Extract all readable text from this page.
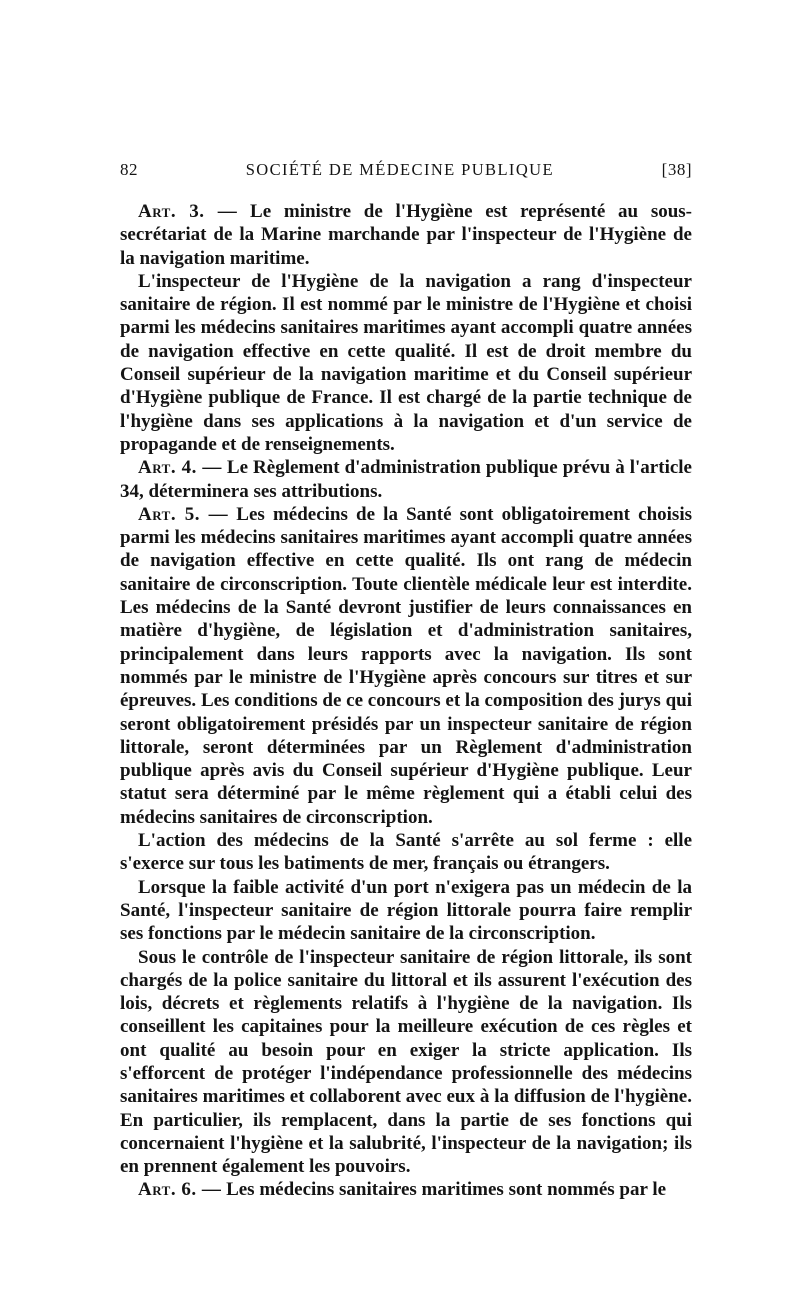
82	SOCIÉTÉ DE MÉDECINE PUBLIQUE	[38]

Art. 3. — Le ministre de l'Hygiène est représenté au sous-secrétariat de la Marine marchande par l'inspecteur de l'Hygiène de la navigation maritime.

L'inspecteur de l'Hygiène de la navigation a rang d'inspecteur sanitaire de région. Il est nommé par le ministre de l'Hygiène et choisi parmi les médecins sanitaires maritimes ayant accompli quatre années de navigation effective en cette qualité. Il est de droit membre du Conseil supérieur de la navigation maritime et du Conseil supérieur d'Hygiène publique de France. Il est chargé de la partie technique de l'hygiène dans ses applications à la navigation et d'un service de propagande et de renseignements.

Art. 4. — Le Règlement d'administration publique prévu à l'article 34, déterminera ses attributions.

Art. 5. — Les médecins de la Santé sont obligatoirement choisis parmi les médecins sanitaires maritimes ayant accompli quatre années de navigation effective en cette qualité. Ils ont rang de médecin sanitaire de circonscription. Toute clientèle médicale leur est interdite. Les médecins de la Santé devront justifier de leurs connaissances en matière d'hygiène, de législation et d'administration sanitaires, principalement dans leurs rapports avec la navigation. Ils sont nommés par le ministre de l'Hygiène après concours sur titres et sur épreuves. Les conditions de ce concours et la composition des jurys qui seront obligatoirement présidés par un inspecteur sanitaire de région littorale, seront déterminées par un Règlement d'administration publique après avis du Conseil supérieur d'Hygiène publique. Leur statut sera déterminé par le même règlement qui a établi celui des médecins sanitaires de circonscription.

L'action des médecins de la Santé s'arrête au sol ferme : elle s'exerce sur tous les batiments de mer, français ou étrangers.

Lorsque la faible activité d'un port n'exigera pas un médecin de la Santé, l'inspecteur sanitaire de région littorale pourra faire remplir ses fonctions par le médecin sanitaire de la circonscription.

Sous le contrôle de l'inspecteur sanitaire de région littorale, ils sont chargés de la police sanitaire du littoral et ils assurent l'exécution des lois, décrets et règlements relatifs à l'hygiène de la navigation. Ils conseillent les capitaines pour la meilleure exécution de ces règles et ont qualité au besoin pour en exiger la stricte application. Ils s'efforcent de protéger l'indépendance professionnelle des médecins sanitaires maritimes et collaborent avec eux à la diffusion de l'hygiène. En particulier, ils remplacent, dans la partie de ses fonctions qui concernaient l'hygiène et la salubrité, l'inspecteur de la navigation; ils en prennent également les pouvoirs.

Art. 6. — Les médecins sanitaires maritimes sont nommés par le
